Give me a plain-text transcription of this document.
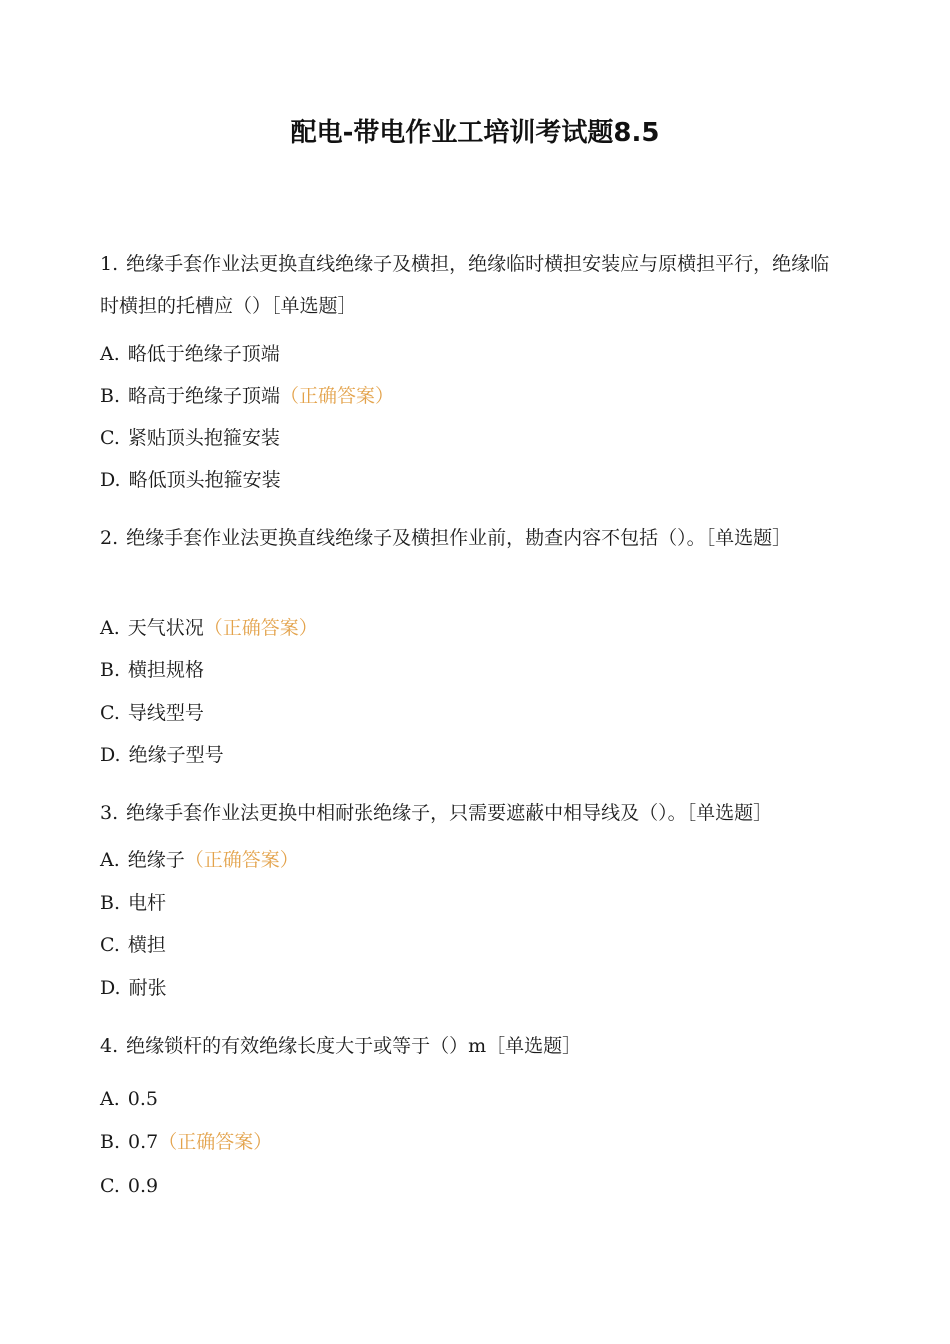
配电-带电作业工培训考试题8.5
1. 绝缘手套作业法更换直线绝缘子及横担，绝缘临时横担安装应与原横担平行，绝缘临时横担的托槽应（）［单选题］
A. 略低于绝缘子顶端
B. 略高于绝缘子顶端（正确答案）
C. 紧贴顶头抱箍安装
D. 略低顶头抱箍安装
2. 绝缘手套作业法更换直线绝缘子及横担作业前，勘查内容不包括（）。［单选题］
A. 天气状况（正确答案）
B. 横担规格
C. 导线型号
D. 绝缘子型号
3. 绝缘手套作业法更换中相耐张绝缘子，只需要遮蔽中相导线及（）。［单选题］
A. 绝缘子（正确答案）
B. 电杆
C. 横担
D. 耐张
4. 绝缘锁杆的有效绝缘长度大于或等于（）m［单选题］
A. 0.5
B. 0.7（正确答案）
C. 0.9
